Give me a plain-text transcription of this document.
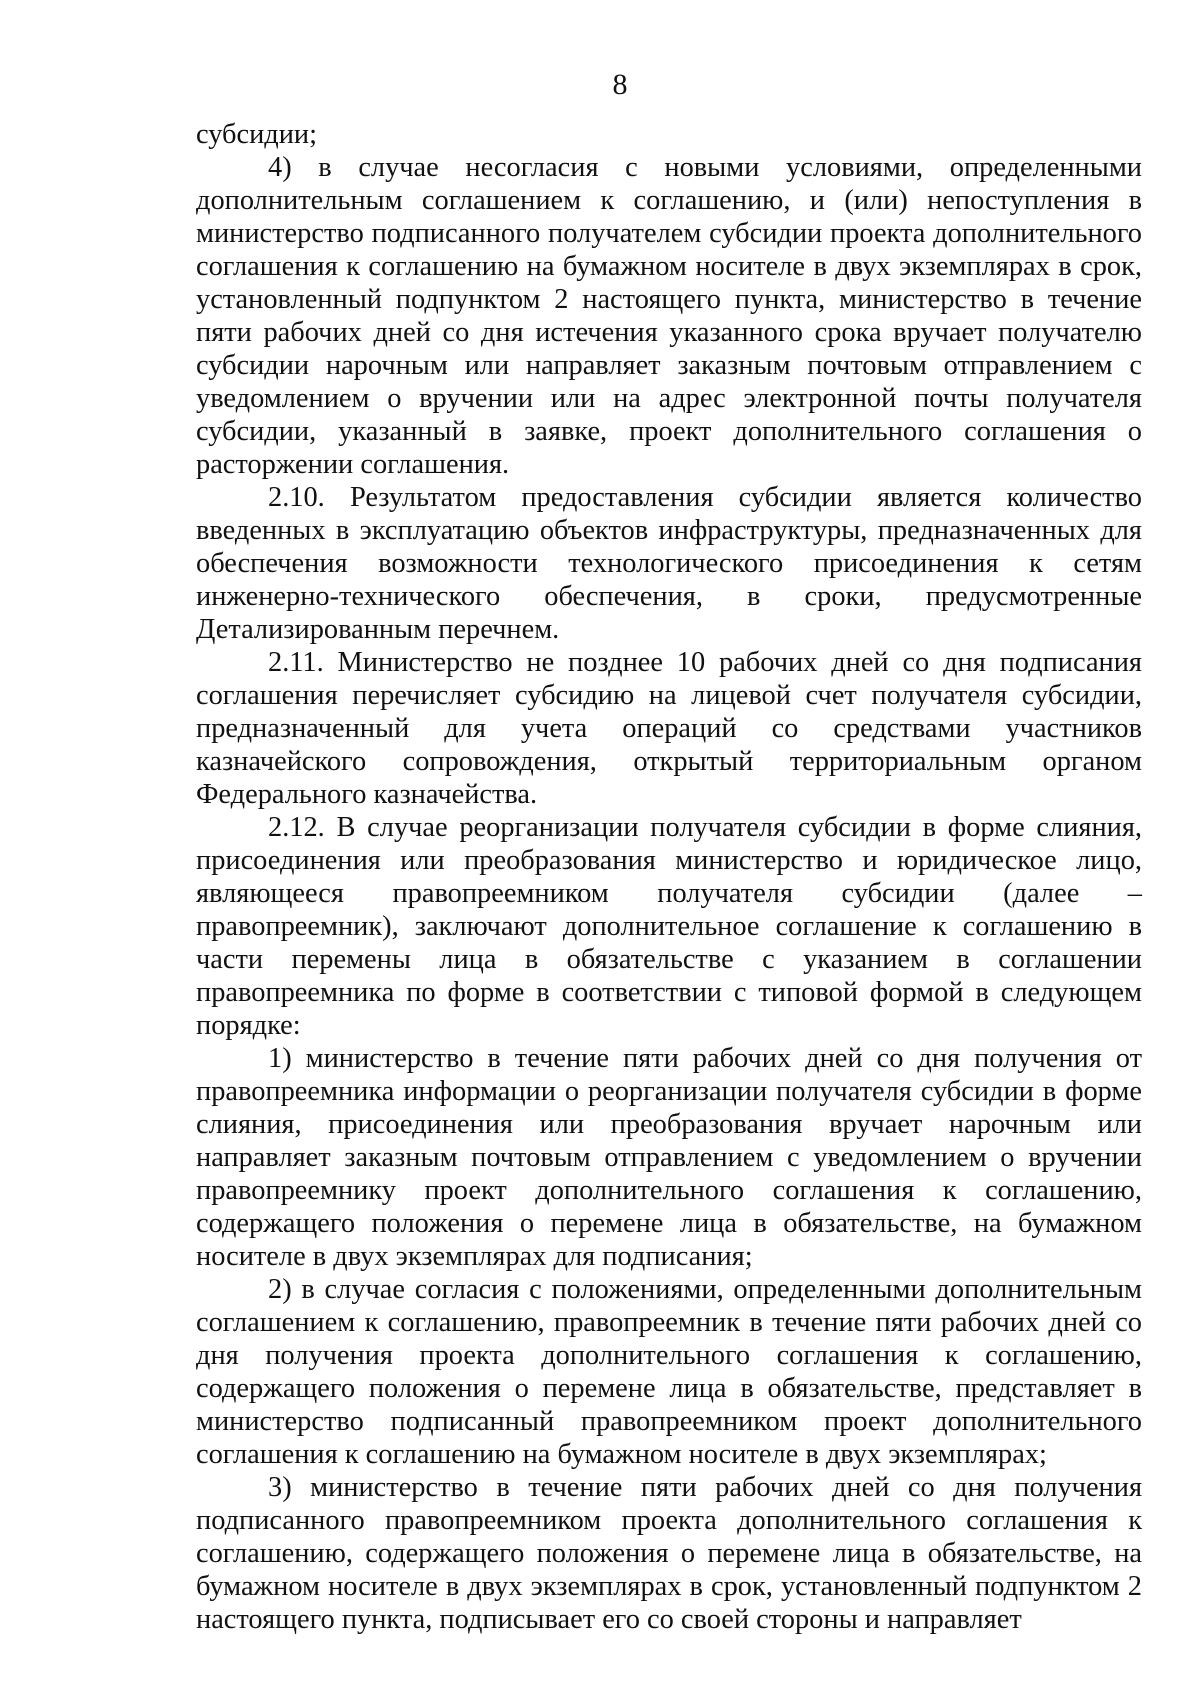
8

субсидии;

4) в случае несогласия с новыми условиями, определенными дополнительным соглашением к соглашению, и (или) непоступления в министерство подписанного получателем субсидии проекта дополнительного соглашения к соглашению на бумажном носителе в двух экземплярах в срок, установленный подпунктом 2 настоящего пункта, министерство в течение пяти рабочих дней со дня истечения указанного срока вручает получателю субсидии нарочным или направляет заказным почтовым отправлением с уведомлением о вручении или на адрес электронной почты получателя субсидии, указанный в заявке, проект дополнительного соглашения о расторжении соглашения.

2.10. Результатом предоставления субсидии является количество введенных в эксплуатацию объектов инфраструктуры, предназначенных для обеспечения возможности технологического присоединения к сетям инженерно-технического обеспечения, в сроки, предусмотренные Детализированным перечнем.

2.11. Министерство не позднее 10 рабочих дней со дня подписания соглашения перечисляет субсидию на лицевой счет получателя субсидии, предназначенный для учета операций со средствами участников казначейского сопровождения, открытый территориальным органом Федерального казначейства.

2.12. В случае реорганизации получателя субсидии в форме слияния, присоединения или преобразования министерство и юридическое лицо, являющееся правопреемником получателя субсидии (далее – правопреемник), заключают дополнительное соглашение к соглашению в части перемены лица в обязательстве с указанием в соглашении правопреемника по форме в соответствии с типовой формой в следующем порядке:

1) министерство в течение пяти рабочих дней со дня получения от правопреемника информации о реорганизации получателя субсидии в форме слияния, присоединения или преобразования вручает нарочным или направляет заказным почтовым отправлением с уведомлением о вручении правопреемнику проект дополнительного соглашения к соглашению, содержащего положения о перемене лица в обязательстве, на бумажном носителе в двух экземплярах для подписания;

2) в случае согласия с положениями, определенными дополнительным соглашением к соглашению, правопреемник в течение пяти рабочих дней со дня получения проекта дополнительного соглашения к соглашению, содержащего положения о перемене лица в обязательстве, представляет в министерство подписанный правопреемником проект дополнительного соглашения к соглашению на бумажном носителе в двух экземплярах;

3) министерство в течение пяти рабочих дней со дня получения подписанного правопреемником проекта дополнительного соглашения к соглашению, содержащего положения о перемене лица в обязательстве, на бумажном носителе в двух экземплярах в срок, установленный подпунктом 2 настоящего пункта, подписывает его со своей стороны и направляет
